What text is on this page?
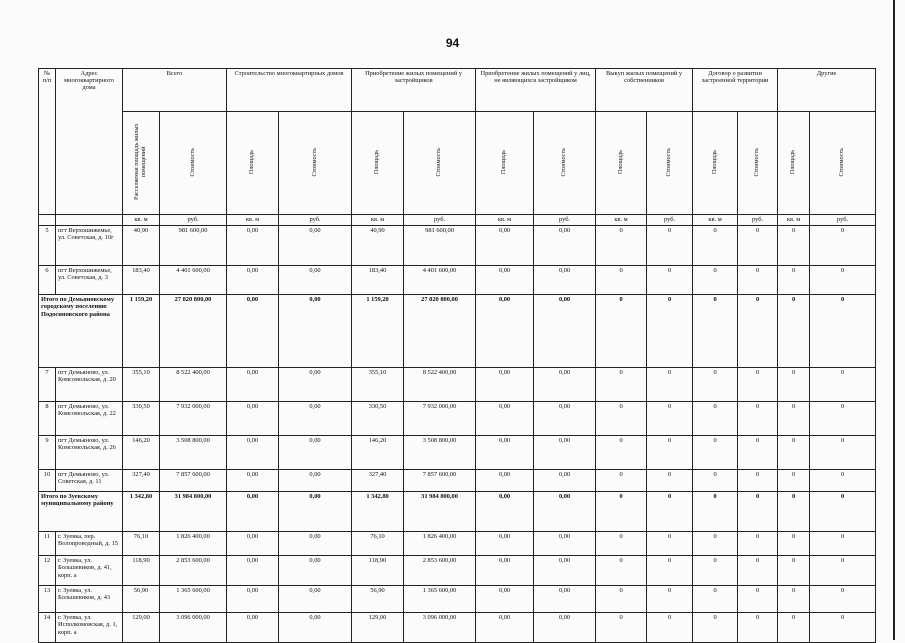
94
№ п/п	Адрес многоквартирного дома	Всего		Строительство многоквартирных домов		Приобретение жилых помещений у застройщиков		Приобретение жилых помещений у лиц, не являющихся застройщиком		Выкуп жилых помещений у собственников		Договор о развитии застроенной территории		Другие	
		Расселяемая площадь жилых помещений	Стоимость	Площадь	Стоимость	Площадь	Стоимость	Площадь	Стоимость	Площадь	Стоимость	Площадь	Стоимость	Площадь	Стоимость
		кв. м	руб.	кв. м	руб.	кв. м	руб.	кв. м	руб.	кв. м	руб.	кв. м	руб.	кв. м	руб.
5	пгт Верхошижемье, ул. Советская, д. 10г	40,90	981 600,00	0,00	0,00	40,90	981 600,00	0,00	0,00	0	0	0	0	0	0
6	пгт Верхошижемье, ул. Советская, д. 3	183,40	4 401 600,00	0,00	0,00	183,40	4 401 600,00	0,00	0,00	0	0	0	0	0	0
Итого по Демьяновскому городскому поселению Подосиновского района		1 159,20	27 820 800,00	0,00	0,00	1 159,20	27 820 800,00	0,00	0,00	0	0	0	0	0	0
7	пгт Демьяново, ул. Комсомольская, д. 20	355,10	8 522 400,00	0,00	0,00	355,10	8 522 400,00	0,00	0,00	0	0	0	0	0	0
8	пгт Демьяново, ул. Комсомольская, д. 22	330,50	7 932 000,00	0,00	0,00	330,50	7 932 000,00	0,00	0,00	0	0	0	0	0	0
9	пгт Демьяново, ул. Комсомольская, д. 26	146,20	3 508 800,00	0,00	0,00	146,20	3 508 800,00	0,00	0,00	0	0	0	0	0	0
10	пгт Демьяново, ул. Советская, д. 11	327,40	7 857 600,00	0,00	0,00	327,40	7 857 600,00	0,00	0,00	0	0	0	0	0	0
Итого по Зуевскому муниципальному району		1 342,80	31 984 800,00	0,00	0,00	1 342,80	31 984 800,00	0,00	0,00	0	0	0	0	0	0
11	г. Зуевка, пер. Волопроводный, д. 15	76,10	1 826 400,00	0,00	0,00	76,10	1 826 400,00	0,00	0,00	0	0	0	0	0	0
12	г. Зуевка, ул. Большевиков, д. 41, корп. а	118,90	2 853 600,00	0,00	0,00	118,90	2 853 600,00	0,00	0,00	0	0	0	0	0	0
13	г. Зуевка, ул. Большевиков, д. 43	56,90	1 365 600,00	0,00	0,00	56,90	1 365 600,00	0,00	0,00	0	0	0	0	0	0
14	г. Зуевка, ул. Исполкомовская, д. 1, корп. а	129,00	3 096 000,00	0,00	0,00	129,00	3 096 000,00	0,00	0,00	0	0	0	0	0	0
